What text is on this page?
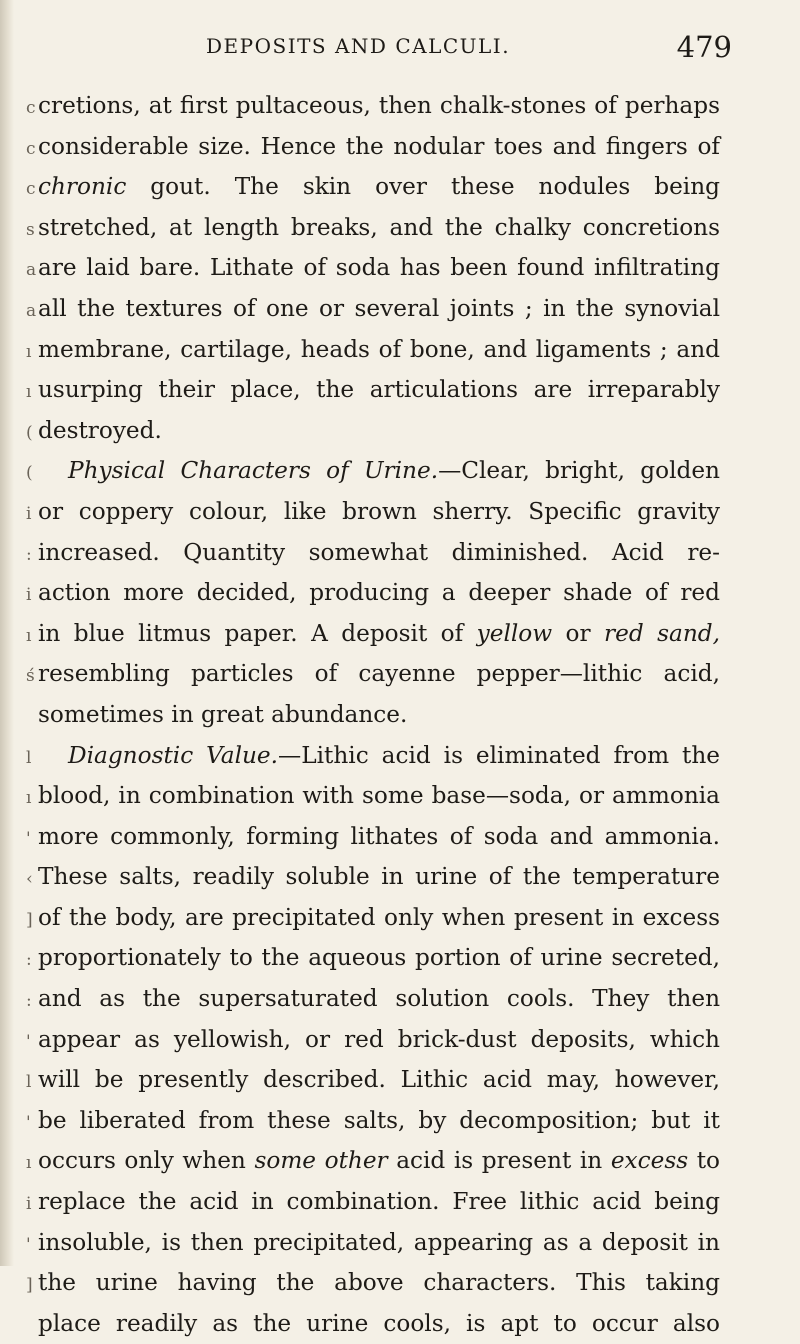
DEPOSITS AND CALCULI.	479
c cretions, at first pultaceous, then chalk-stones of perhaps
c considerable size. Hence the nodular toes and fingers of
c chronic gout. The skin over these nodules being
s stretched, at length breaks, and the chalky concretions
aare laid bare. Lithate of soda has been found infiltrating
aall the textures of one or several joints ; in the synovial
ı membrane, cartilage, heads of bone, and ligaments ; and
ı usurping their place, the articulations are irreparably
( destroyed.
( Physical Characters of Urine.—Clear, bright, golden
i or coppery colour, like brown sherry. Specific gravity
: increased. Quantity somewhat diminished. Acid re-
i action more decided, producing a deeper shade of red
ı in blue litmus paper. A deposit of yellow or red sand,
ś resembling particles of cayenne pepper—lithic acid,
sometimes in great abundance.
l Diagnostic Value.—Lithic acid is eliminated from the
ı blood, in combination with some base—soda, or ammonia
' more commonly, forming lithates of soda and ammonia.
‹ These salts, readily soluble in urine of the temperature
] of the body, are precipitated only when present in excess
: proportionately to the aqueous portion of urine secreted,
: and as the supersaturated solution cools. They then
' appear as yellowish, or red brick-dust deposits, which
l will be presently described. Lithic acid may, however,
' be liberated from these salts, by decomposition; but it
ı occurs only when some other acid is present in excess to
i replace the acid in combination. Free lithic acid being
' insoluble, is then precipitated, appearing as a deposit in
] the urine having the above characters. This taking
place readily as the urine cools, is apt to occur also
